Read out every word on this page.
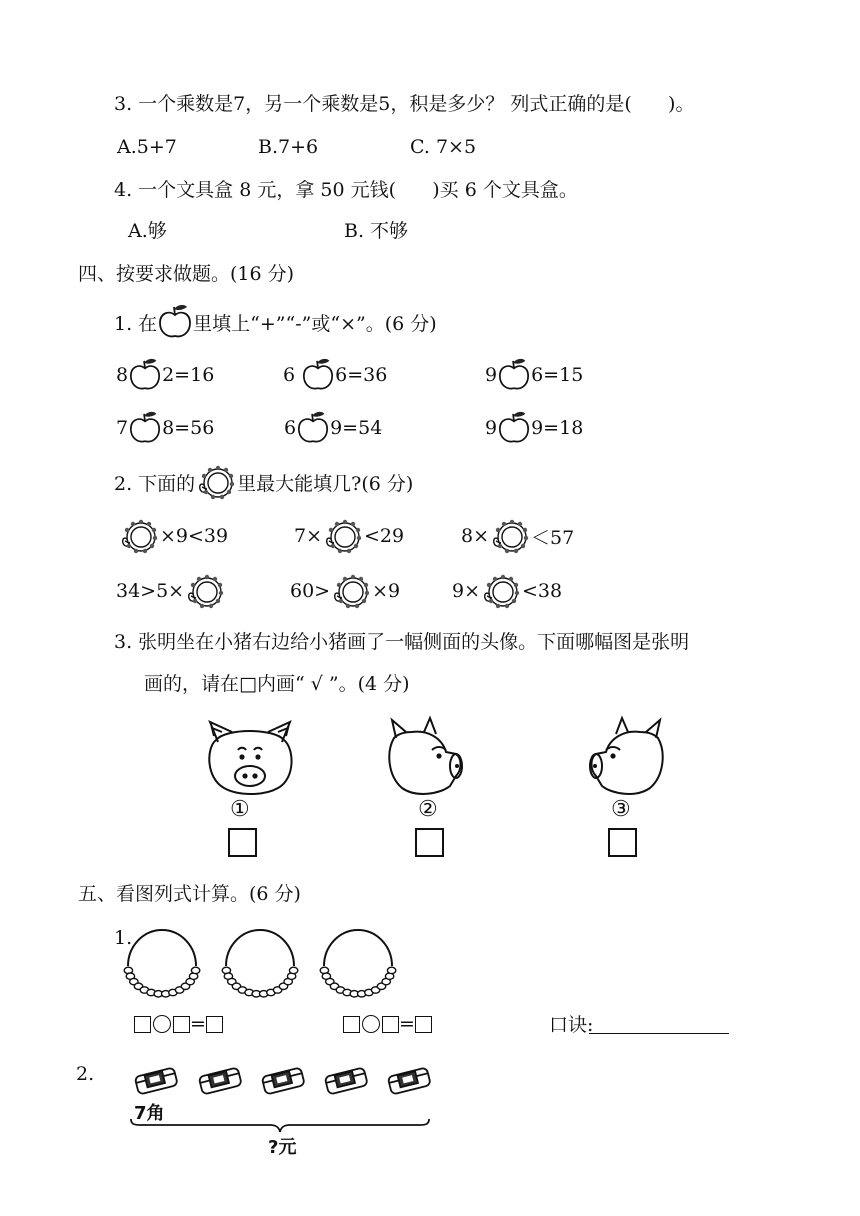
3. 一个乘数是7，另一个乘数是5，积是多少？ 列式正确的是(      )。
A.5+7	B.7+6	C. 7×5
4. 一个文具盒 8 元，拿 50 元钱(      )买 6 个文具盒。
A.够	B. 不够
四、按要求做题。(16 分)
1. 在 里填上“+”“-”或“×”。(6 分)
8 2=16	6 6=36	9 6=15
7 8=56	6 9=54	9 9=18
2. 下面的 里最大能填几?(6 分)
×9<39	7× <29	8× ＜57
34>5×	60> ×9	9× <38
3. 张明坐在小猪右边给小猪画了一幅侧面的头像。下面哪幅图是张明
画的，请在□内画“ √ ”。(4 分)
①	②	③
五、看图列式计算。(6 分)
1.
=	=	口诀:
2.
7角
?元
